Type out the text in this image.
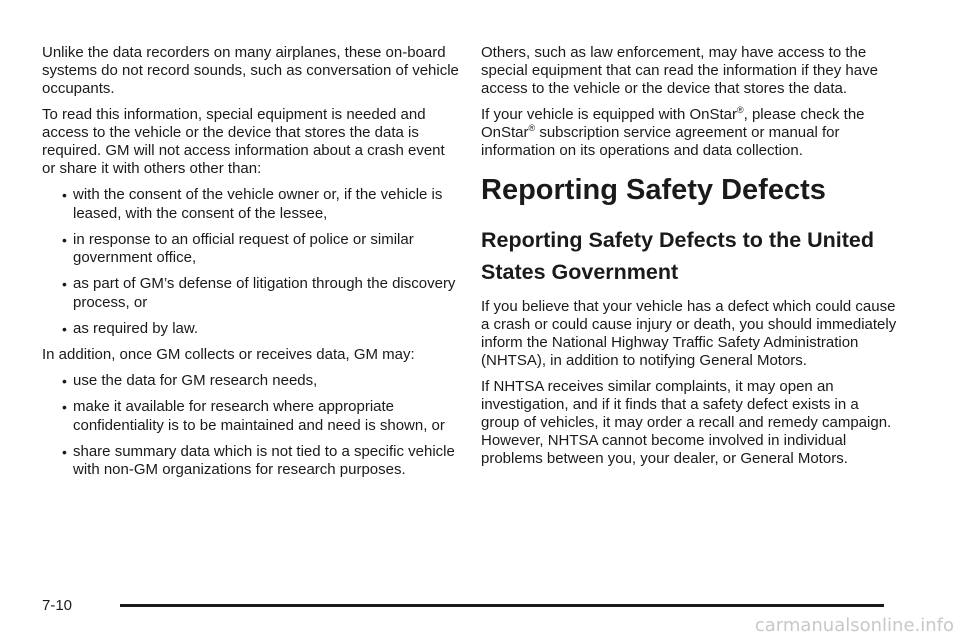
Unlike the data recorders on many airplanes, these on-board systems do not record sounds, such as conversation of vehicle occupants.

To read this information, special equipment is needed and access to the vehicle or the device that stores the data is required. GM will not access information about a crash event or share it with others other than:

• with the consent of the vehicle owner or, if the vehicle is leased, with the consent of the lessee,
• in response to an official request of police or similar government office,
• as part of GM’s defense of litigation through the discovery process, or
• as required by law.

In addition, once GM collects or receives data, GM may:

• use the data for GM research needs,
• make it available for research where appropriate confidentiality is to be maintained and need is shown, or
• share summary data which is not tied to a specific vehicle with non-GM organizations for research purposes.

Others, such as law enforcement, may have access to the special equipment that can read the information if they have access to the vehicle or the device that stores the data.

If your vehicle is equipped with OnStar®, please check the OnStar® subscription service agreement or manual for information on its operations and data collection.

Reporting Safety Defects
Reporting Safety Defects to the United States Government

If you believe that your vehicle has a defect which could cause a crash or could cause injury or death, you should immediately inform the National Highway Traffic Safety Administration (NHTSA), in addition to notifying General Motors.

If NHTSA receives similar complaints, it may open an investigation, and if it finds that a safety defect exists in a group of vehicles, it may order a recall and remedy campaign. However, NHTSA cannot become involved in individual problems between you, your dealer, or General Motors.

7-10
carmanualsonline.info
